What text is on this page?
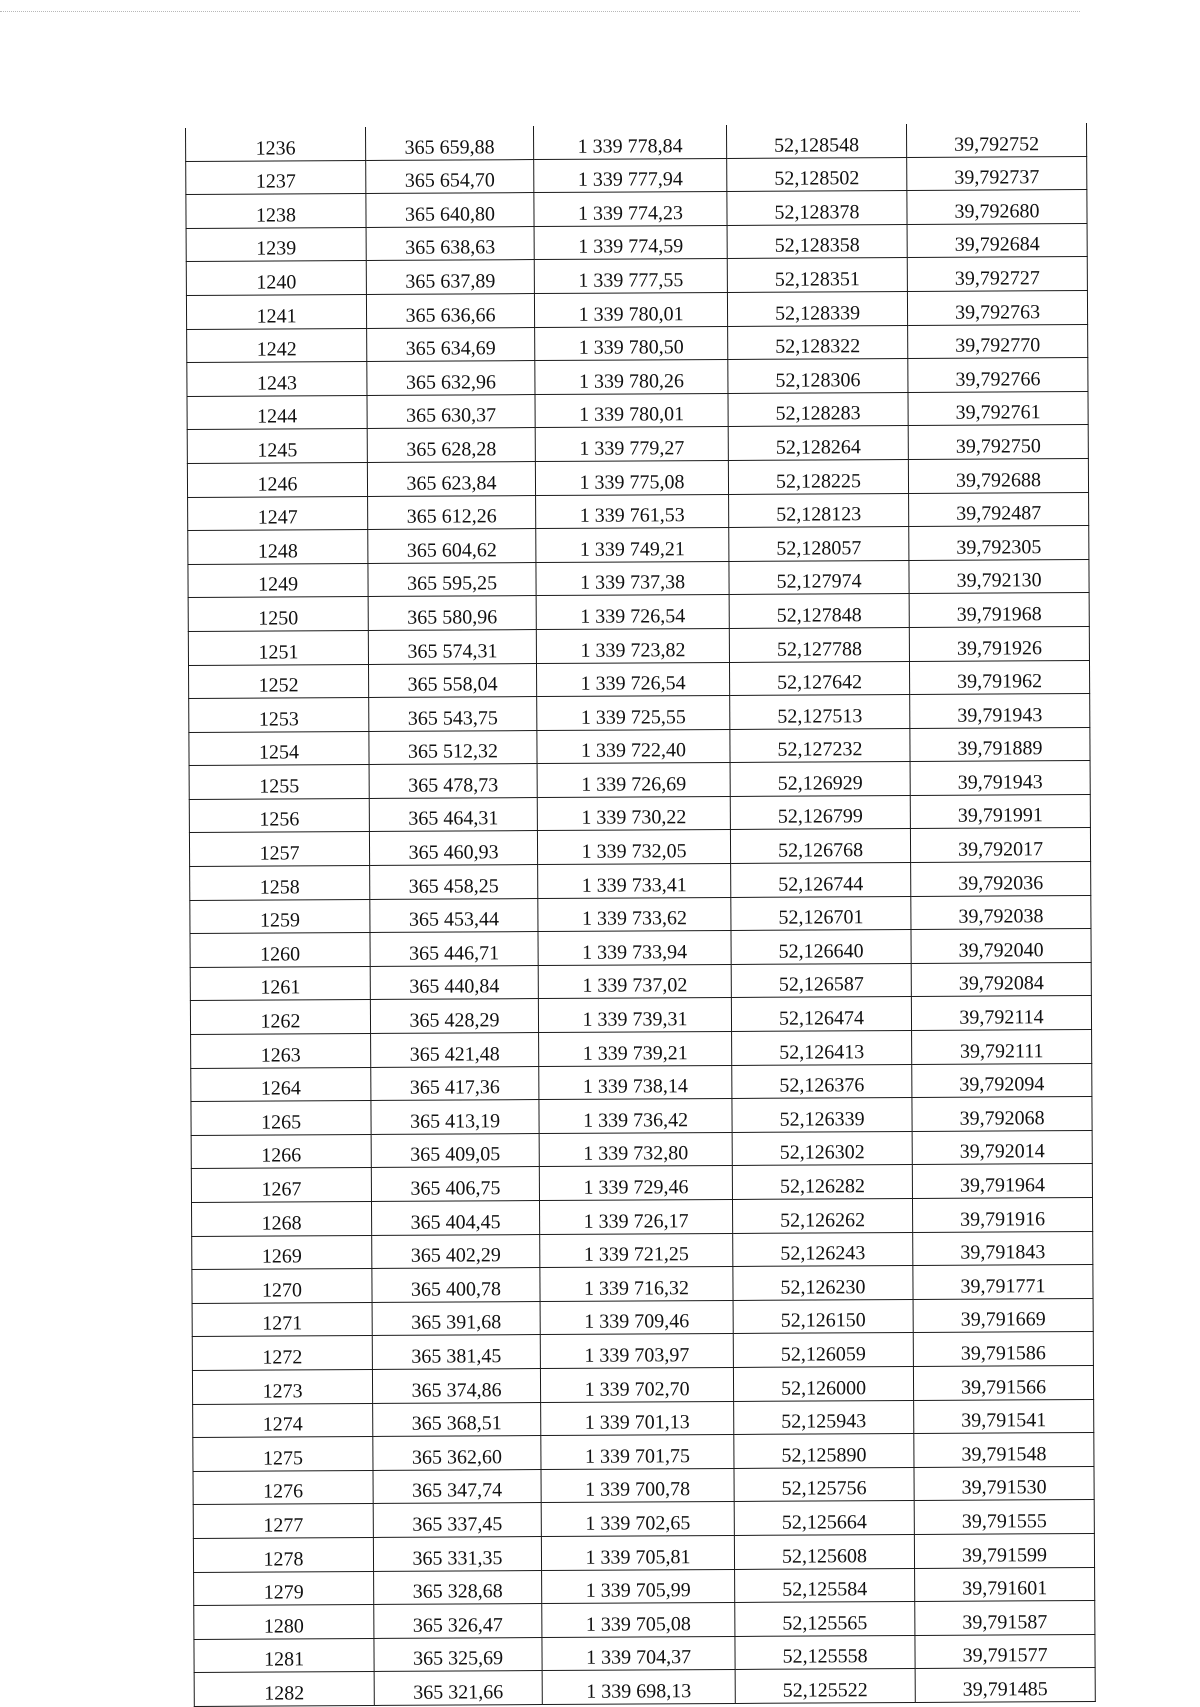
1236	365 659,88	1 339 778,84	52,128548	39,792752
1237	365 654,70	1 339 777,94	52,128502	39,792737
1238	365 640,80	1 339 774,23	52,128378	39,792680
1239	365 638,63	1 339 774,59	52,128358	39,792684
1240	365 637,89	1 339 777,55	52,128351	39,792727
1241	365 636,66	1 339 780,01	52,128339	39,792763
1242	365 634,69	1 339 780,50	52,128322	39,792770
1243	365 632,96	1 339 780,26	52,128306	39,792766
1244	365 630,37	1 339 780,01	52,128283	39,792761
1245	365 628,28	1 339 779,27	52,128264	39,792750
1246	365 623,84	1 339 775,08	52,128225	39,792688
1247	365 612,26	1 339 761,53	52,128123	39,792487
1248	365 604,62	1 339 749,21	52,128057	39,792305
1249	365 595,25	1 339 737,38	52,127974	39,792130
1250	365 580,96	1 339 726,54	52,127848	39,791968
1251	365 574,31	1 339 723,82	52,127788	39,791926
1252	365 558,04	1 339 726,54	52,127642	39,791962
1253	365 543,75	1 339 725,55	52,127513	39,791943
1254	365 512,32	1 339 722,40	52,127232	39,791889
1255	365 478,73	1 339 726,69	52,126929	39,791943
1256	365 464,31	1 339 730,22	52,126799	39,791991
1257	365 460,93	1 339 732,05	52,126768	39,792017
1258	365 458,25	1 339 733,41	52,126744	39,792036
1259	365 453,44	1 339 733,62	52,126701	39,792038
1260	365 446,71	1 339 733,94	52,126640	39,792040
1261	365 440,84	1 339 737,02	52,126587	39,792084
1262	365 428,29	1 339 739,31	52,126474	39,792114
1263	365 421,48	1 339 739,21	52,126413	39,792111
1264	365 417,36	1 339 738,14	52,126376	39,792094
1265	365 413,19	1 339 736,42	52,126339	39,792068
1266	365 409,05	1 339 732,80	52,126302	39,792014
1267	365 406,75	1 339 729,46	52,126282	39,791964
1268	365 404,45	1 339 726,17	52,126262	39,791916
1269	365 402,29	1 339 721,25	52,126243	39,791843
1270	365 400,78	1 339 716,32	52,126230	39,791771
1271	365 391,68	1 339 709,46	52,126150	39,791669
1272	365 381,45	1 339 703,97	52,126059	39,791586
1273	365 374,86	1 339 702,70	52,126000	39,791566
1274	365 368,51	1 339 701,13	52,125943	39,791541
1275	365 362,60	1 339 701,75	52,125890	39,791548
1276	365 347,74	1 339 700,78	52,125756	39,791530
1277	365 337,45	1 339 702,65	52,125664	39,791555
1278	365 331,35	1 339 705,81	52,125608	39,791599
1279	365 328,68	1 339 705,99	52,125584	39,791601
1280	365 326,47	1 339 705,08	52,125565	39,791587
1281	365 325,69	1 339 704,37	52,125558	39,791577
1282	365 321,66	1 339 698,13	52,125522	39,791485
